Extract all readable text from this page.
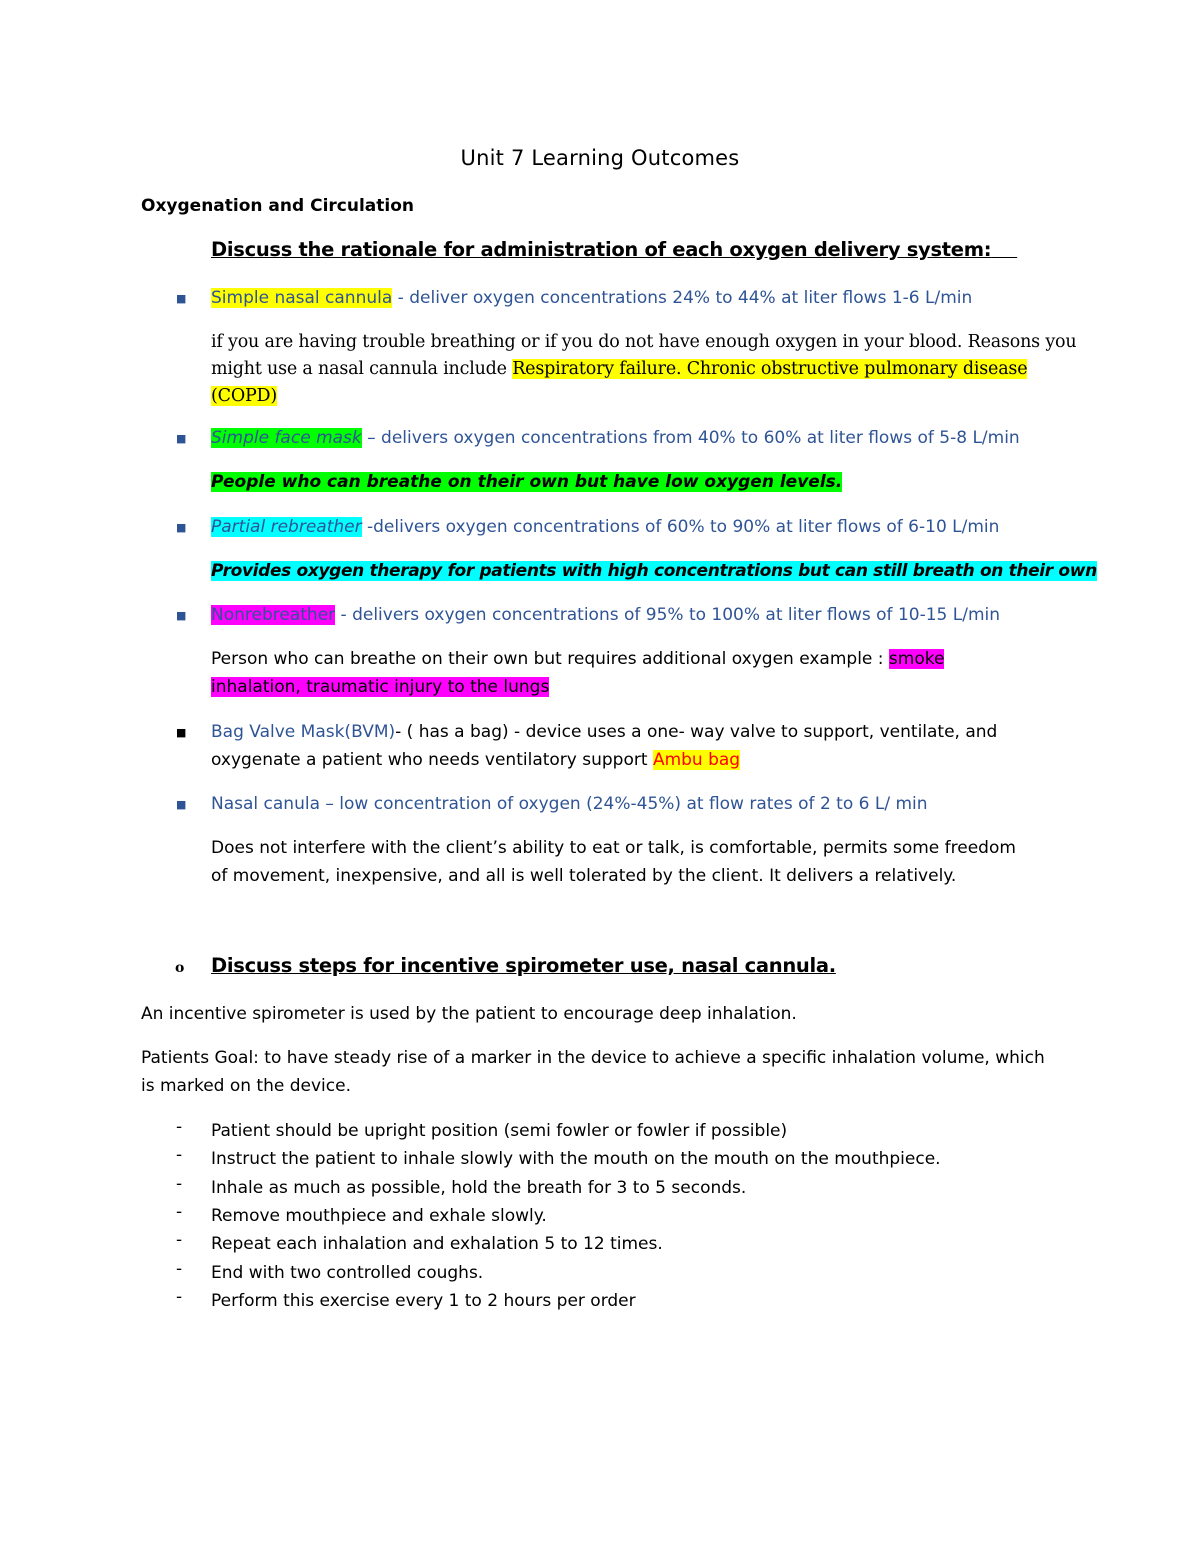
Unit 7 Learning Outcomes
Oxygenation and Circulation
Discuss the rationale for administration of each oxygen delivery system:
■ Simple nasal cannula - deliver oxygen concentrations 24% to 44% at liter flows 1-6 L/min
if you are having trouble breathing or if you do not have enough oxygen in your blood. Reasons you might use a nasal cannula include Respiratory failure. Chronic obstructive pulmonary disease (COPD)
■ Simple face mask – delivers oxygen concentrations from 40% to 60% at liter flows of 5-8 L/min
People who can breathe on their own but have low oxygen levels.
■ Partial rebreather -delivers oxygen concentrations of 60% to 90% at liter flows of 6-10 L/min
Provides oxygen therapy for patients with high concentrations but can still breath on their own
■ Nonrebreather - delivers oxygen concentrations of 95% to 100% at liter flows of 10-15 L/min
Person who can breathe on their own but requires additional oxygen example : smoke
inhalation, traumatic injury to the lungs
■ Bag Valve Mask(BVM)- ( has a bag) - device uses a one- way valve to support, ventilate, and
oxygenate a patient who needs ventilatory support Ambu bag
■ Nasal canula – low concentration of oxygen (24%-45%) at flow rates of 2 to 6 L/ min
Does not interfere with the client’s ability to eat or talk, is comfortable, permits some freedom
of movement, inexpensive, and all is well tolerated by the client. It delivers a relatively.
o Discuss steps for incentive spirometer use, nasal cannula.
An incentive spirometer is used by the patient to encourage deep inhalation.
Patients Goal: to have steady rise of a marker in the device to achieve a specific inhalation volume, which
is marked on the device.
- Patient should be upright position (semi fowler or fowler if possible)
- Instruct the patient to inhale slowly with the mouth on the mouth on the mouthpiece.
- Inhale as much as possible, hold the breath for 3 to 5 seconds.
- Remove mouthpiece and exhale slowly.
- Repeat each inhalation and exhalation 5 to 12 times.
- End with two controlled coughs.
- Perform this exercise every 1 to 2 hours per order
